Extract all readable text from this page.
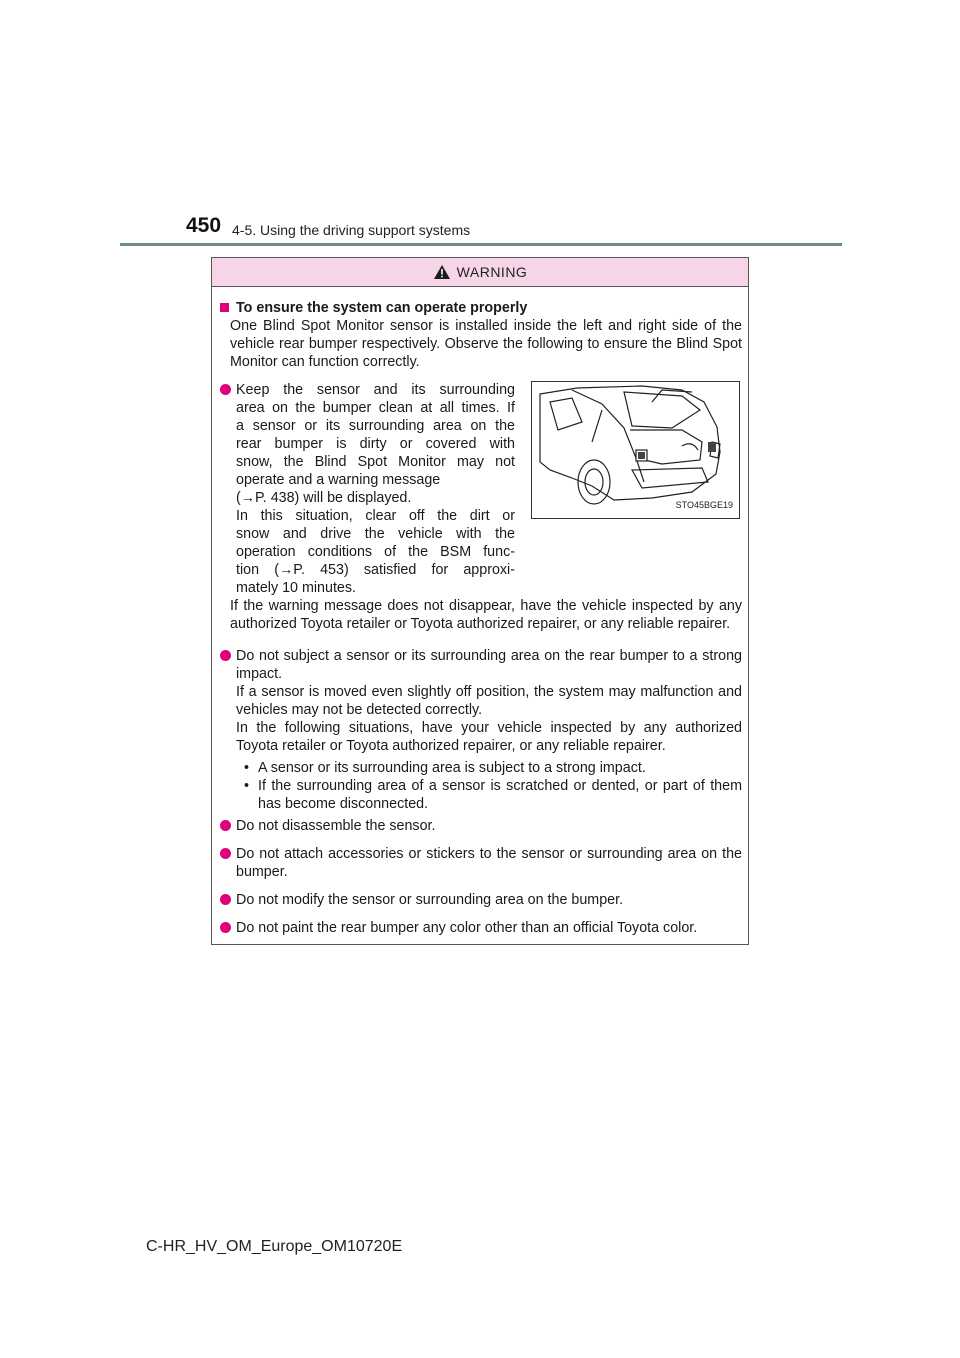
450 4-5. Using the driving support systems
WARNING
To ensure the system can operate properly
One Blind Spot Monitor sensor is installed inside the left and right side of the vehicle rear bumper respectively. Observe the following to ensure the Blind Spot Monitor can function correctly.
STO45BGE19
Keep the sensor and its surrounding
area on the bumper clean at all times. If
a sensor or its surrounding area on the
rear bumper is dirty or covered with
snow, the Blind Spot Monitor may not
operate and a warning message
(→P. 438) will be displayed.
In this situation, clear off the dirt or
snow and drive the vehicle with the
operation conditions of the BSM func-
tion (→P. 453) satisfied for approxi-
mately 10 minutes.
If the warning message does not disappear, have the vehicle inspected by any authorized Toyota retailer or Toyota authorized repairer, or any reliable repairer.
Do not subject a sensor or its surrounding area on the rear bumper to a strong impact.
If a sensor is moved even slightly off position, the system may malfunction and vehicles may not be detected correctly.
In the following situations, have your vehicle inspected by any authorized Toyota retailer or Toyota authorized repairer, or any reliable repairer.
• A sensor or its surrounding area is subject to a strong impact.
• If the surrounding area of a sensor is scratched or dented, or part of them has become disconnected.
Do not disassemble the sensor.
Do not attach accessories or stickers to the sensor or surrounding area on the bumper.
Do not modify the sensor or surrounding area on the bumper.
Do not paint the rear bumper any color other than an official Toyota color.
C-HR_HV_OM_Europe_OM10720E
